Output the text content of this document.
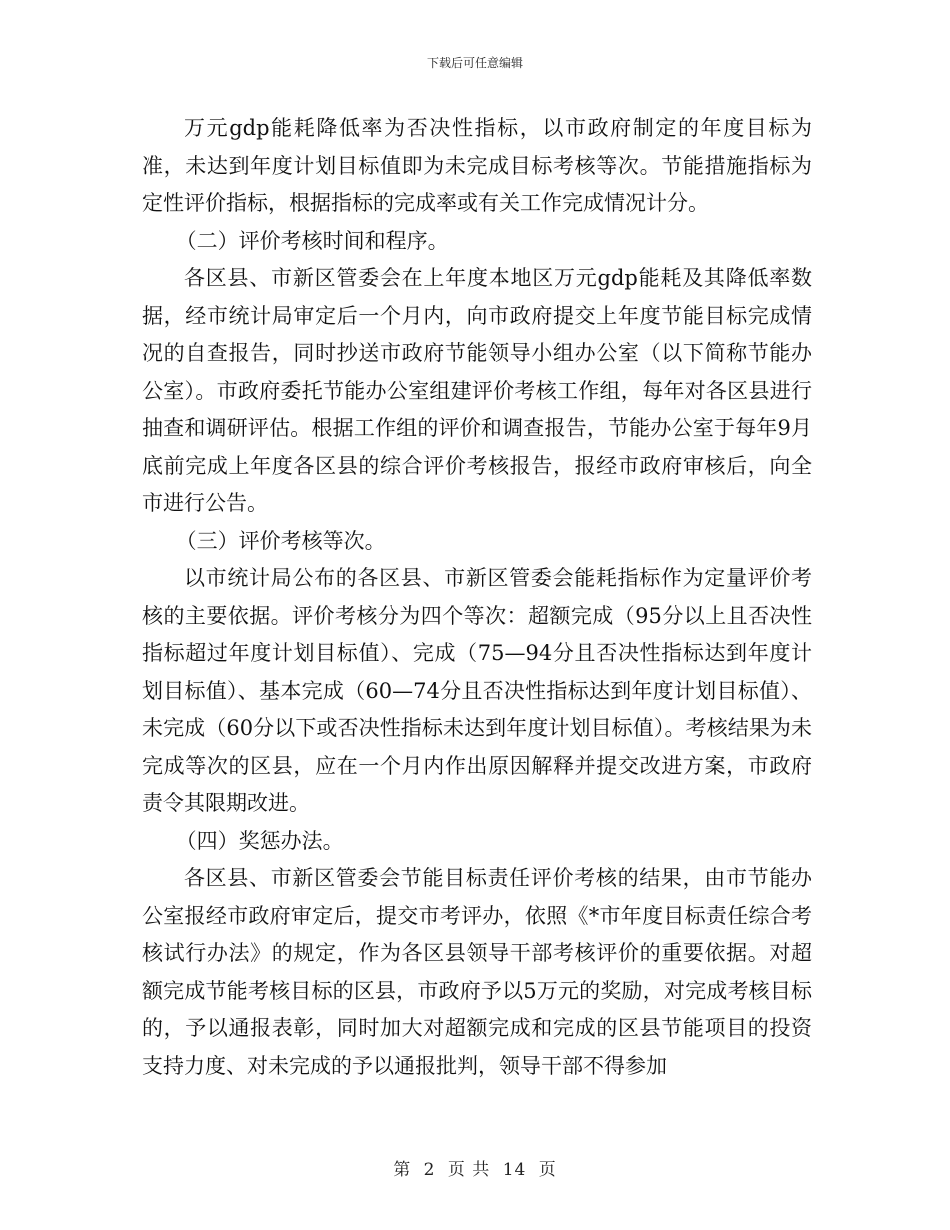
下载后可任意编辑

万元gdp能耗降低率为否决性指标，以市政府制定的年度目标为准，未达到年度计划目标值即为未完成目标考核等次。节能措施指标为定性评价指标，根据指标的完成率或有关工作完成情况计分。

（二）评价考核时间和程序。

各区县、市新区管委会在上年度本地区万元gdp能耗及其降低率数据，经市统计局审定后一个月内，向市政府提交上年度节能目标完成情况的自查报告，同时抄送市政府节能领导小组办公室（以下简称节能办公室）。市政府委托节能办公室组建评价考核工作组，每年对各区县进行抽查和调研评估。根据工作组的评价和调查报告，节能办公室于每年9月底前完成上年度各区县的综合评价考核报告，报经市政府审核后，向全市进行公告。

（三）评价考核等次。

以市统计局公布的各区县、市新区管委会能耗指标作为定量评价考核的主要依据。评价考核分为四个等次：超额完成（95分以上且否决性指标超过年度计划目标值）、完成（75—94分且否决性指标达到年度计划目标值）、基本完成（60—74分且否决性指标达到年度计划目标值）、未完成（60分以下或否决性指标未达到年度计划目标值）。考核结果为未完成等次的区县，应在一个月内作出原因解释并提交改进方案，市政府责令其限期改进。

（四）奖惩办法。

各区县、市新区管委会节能目标责任评价考核的结果，由市节能办公室报经市政府审定后，提交市考评办，依照《*市年度目标责任综合考核试行办法》的规定，作为各区县领导干部考核评价的重要依据。对超额完成节能考核目标的区县，市政府予以5万元的奖励，对完成考核目标的，予以通报表彰，同时加大对超额完成和完成的区县节能项目的投资支持力度、对未完成的予以通报批判，领导干部不得参加

第 2 页 共 14 页
